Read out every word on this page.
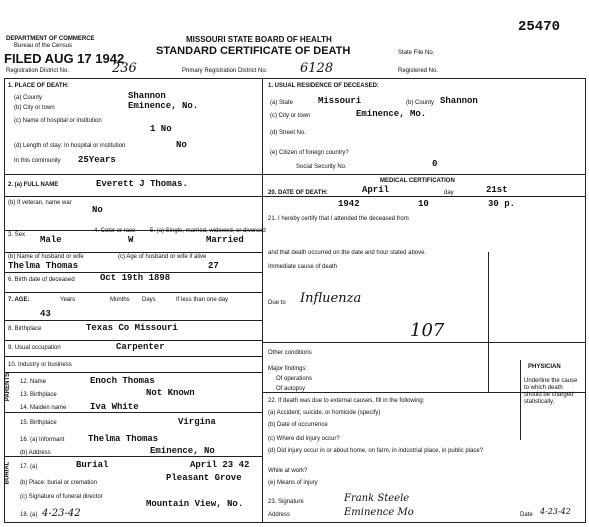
DEPARTMENT OF COMMERCE
Bureau of the Census
FILED AUG 17 1942
MISSOURI STATE BOARD OF HEALTH
STANDARD CERTIFICATE OF DEATH
25470
State File No.
Registration District No.	236	Primary Registration District No.	6128	Registered No.
PARENTS
BURIAL
1. PLACE OF DEATH:
(a) County	Shannon
(b) City or town	Eminence, No.
(c) Name of hospital or institution
1 No
(d) Length of stay: In hospital or institution	No
In this community 25Years
2. (a) FULL NAME	Everett J Thomas.
(b) If veteran, name war
No
3. Sex Male
4. Color or race
W
5. (a) Single, married, widowed, or divorced
Married
(b) Name of husband or wife
Thelma Thomas
(c) Age of husband or wife if alive
27
6. Birth date of deceased	Oct 19th 1898
7. AGE:	Years	Months Days	If less than one day
43
8. Birthplace	Texas Co Missouri
9. Usual occupation	Carpenter
10. Industry or business
12. Name	Enoch Thomas
13. Birthplace	Not Known
14. Maiden name	Iva White
15. Birthplace	Virgina
16. (a) Informant	Thelma Thomas
(b) Address	Eminence, No
17. (a)	Burial	April 23 42
(b) Place: burial or cremation	Pleasant Grove
(c) Signature of funeral director
Mountain View, No.
18. (a) 4-23-42
1. USUAL RESIDENCE OF DECEASED:
(a) State	Missouri	(b) County Shannon
(c) City or town	Eminence, Mo.
(d) Street No.
(e) Citizen of foreign country?
Social Security No.	0
MEDICAL CERTIFICATION
20. DATE OF DEATH:	April	day	21st
1942	10	30 p.
21. I hereby certify that I attended the deceased from
and that death occurred on the date and hour stated above.
Immediate cause of death
Due to Influenza
107
Other conditions
Major findings:
Of operations
Of autopsy
PHYSICIAN
Underline the cause to which death should be charged statistically.
22. If death was due to external causes, fill in the following:
(a) Accident, suicide, or homicide (specify)
(b) Date of occurrence
(c) Where did injury occur?
(d) Did injury occur in or about home, on farm, in industrial place, in public place?
While at work?
(e) Means of injury
23. Signature	Frank Steele
Address	Eminence Mo	Date 4-23-42
